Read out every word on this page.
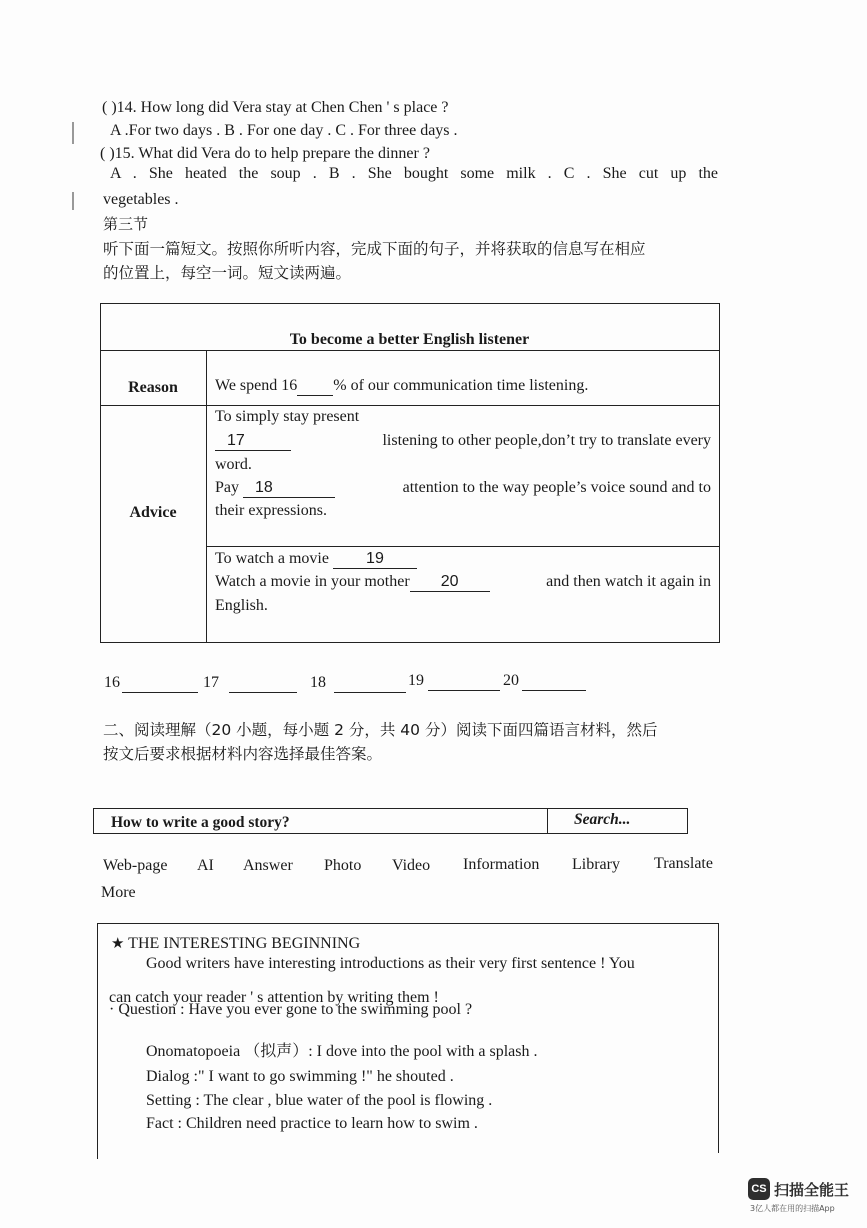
( )14. How long did Vera stay at Chen Chen ' s place ?
A .For two days . B . For one day . C . For three days .
( )15. What did Vera do to help prepare the dinner ?
A . She heated the soup . B . She bought some milk . C . She cut up the
vegetables .
第三节
听下面一篇短文。按照你所听内容，完成下面的句子，并将获取的信息写在相应
的位置上，每空一词。短文读两遍。
To become a better English listener
Reason	We spend 16 % of our communication time listening.
Advice
To simply stay present
17	listening to other people,don’t try to translate every
word.
Pay 18	attention to the way people’s voice sound and to
their expressions.
To watch a movie 19
Watch a movie in your mother 20	and then watch it again in
English.
16
	17
	18
	19
	20

二、阅读理解（20 小题，每小题 2 分，共 40 分）阅读下面四篇语言材料，然后
按文后要求根据材料内容选择最佳答案。
How to write a good story?	Search...
Web-page AI Answer Photo Video Information Library Translate
More
★ THE INTERESTING BEGINNING
Good writers have interesting introductions as their very first sentence ! You
can catch your reader ' s attention by writing them !
· Question : Have you ever gone to the swimming pool ?
Onomatopoeia （拟声）: I dove into the pool with a splash .
Dialog :" I want to go swimming !" he shouted .
Setting : The clear , blue water of the pool is flowing .
Fact : Children need practice to learn how to swim .
CS 扫描全能王
3亿人都在用的扫描App
